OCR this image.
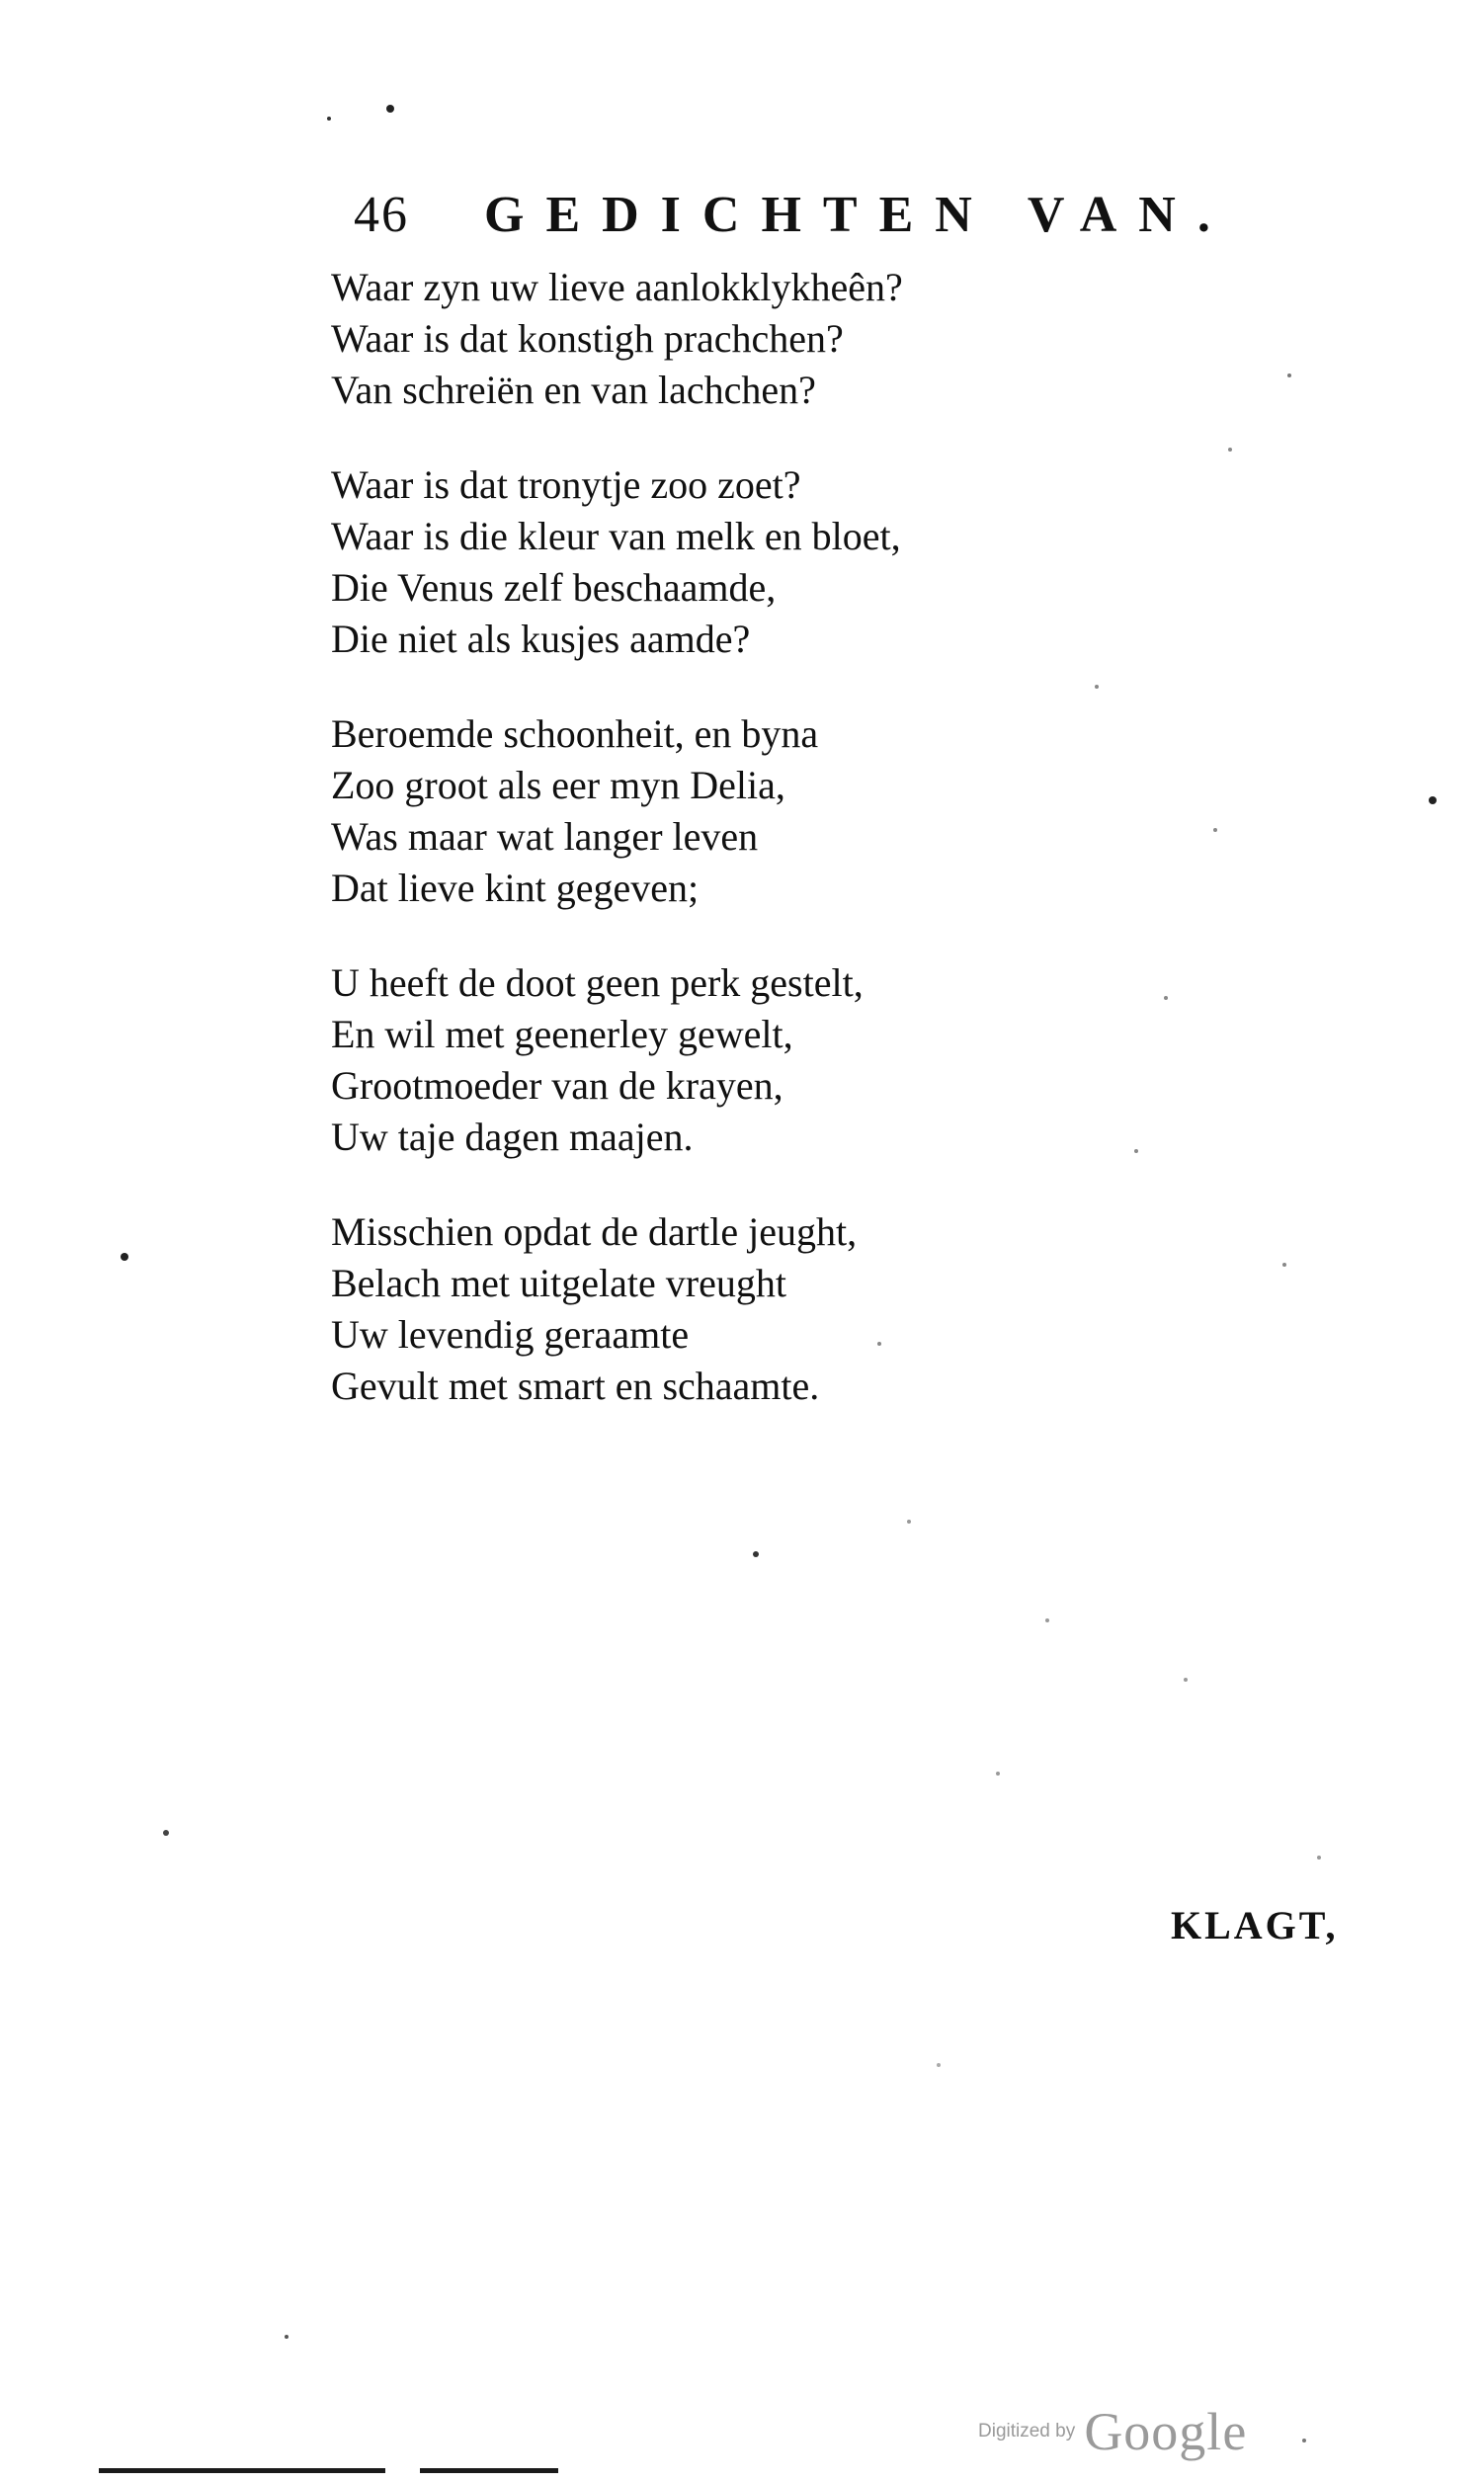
46 GEDICHTEN VAN.
Waar zyn uw lieve aanlokklykheên?
Waar is dat konstigh prachchen?
Van schreiën en van lachchen?
Waar is dat tronytje zoo zoet?
Waar is die kleur van melk en bloet,
Die Venus zelf beschaamde,
Die niet als kusjes aamde?
Beroemde schoonheit, en byna
Zoo groot als eer myn Delia,
Was maar wat langer leven
Dat lieve kint gegeven;
U heeft de doot geen perk gestelt,
En wil met geenerley gewelt,
Grootmoeder van de krayen,
Uw taje dagen maajen.
Misschien opdat de dartle jeught,
Belach met uitgelate vreught
Uw levendig geraamte
Gevult met smart en schaamte.
KLAGT,
Digitized by Google
